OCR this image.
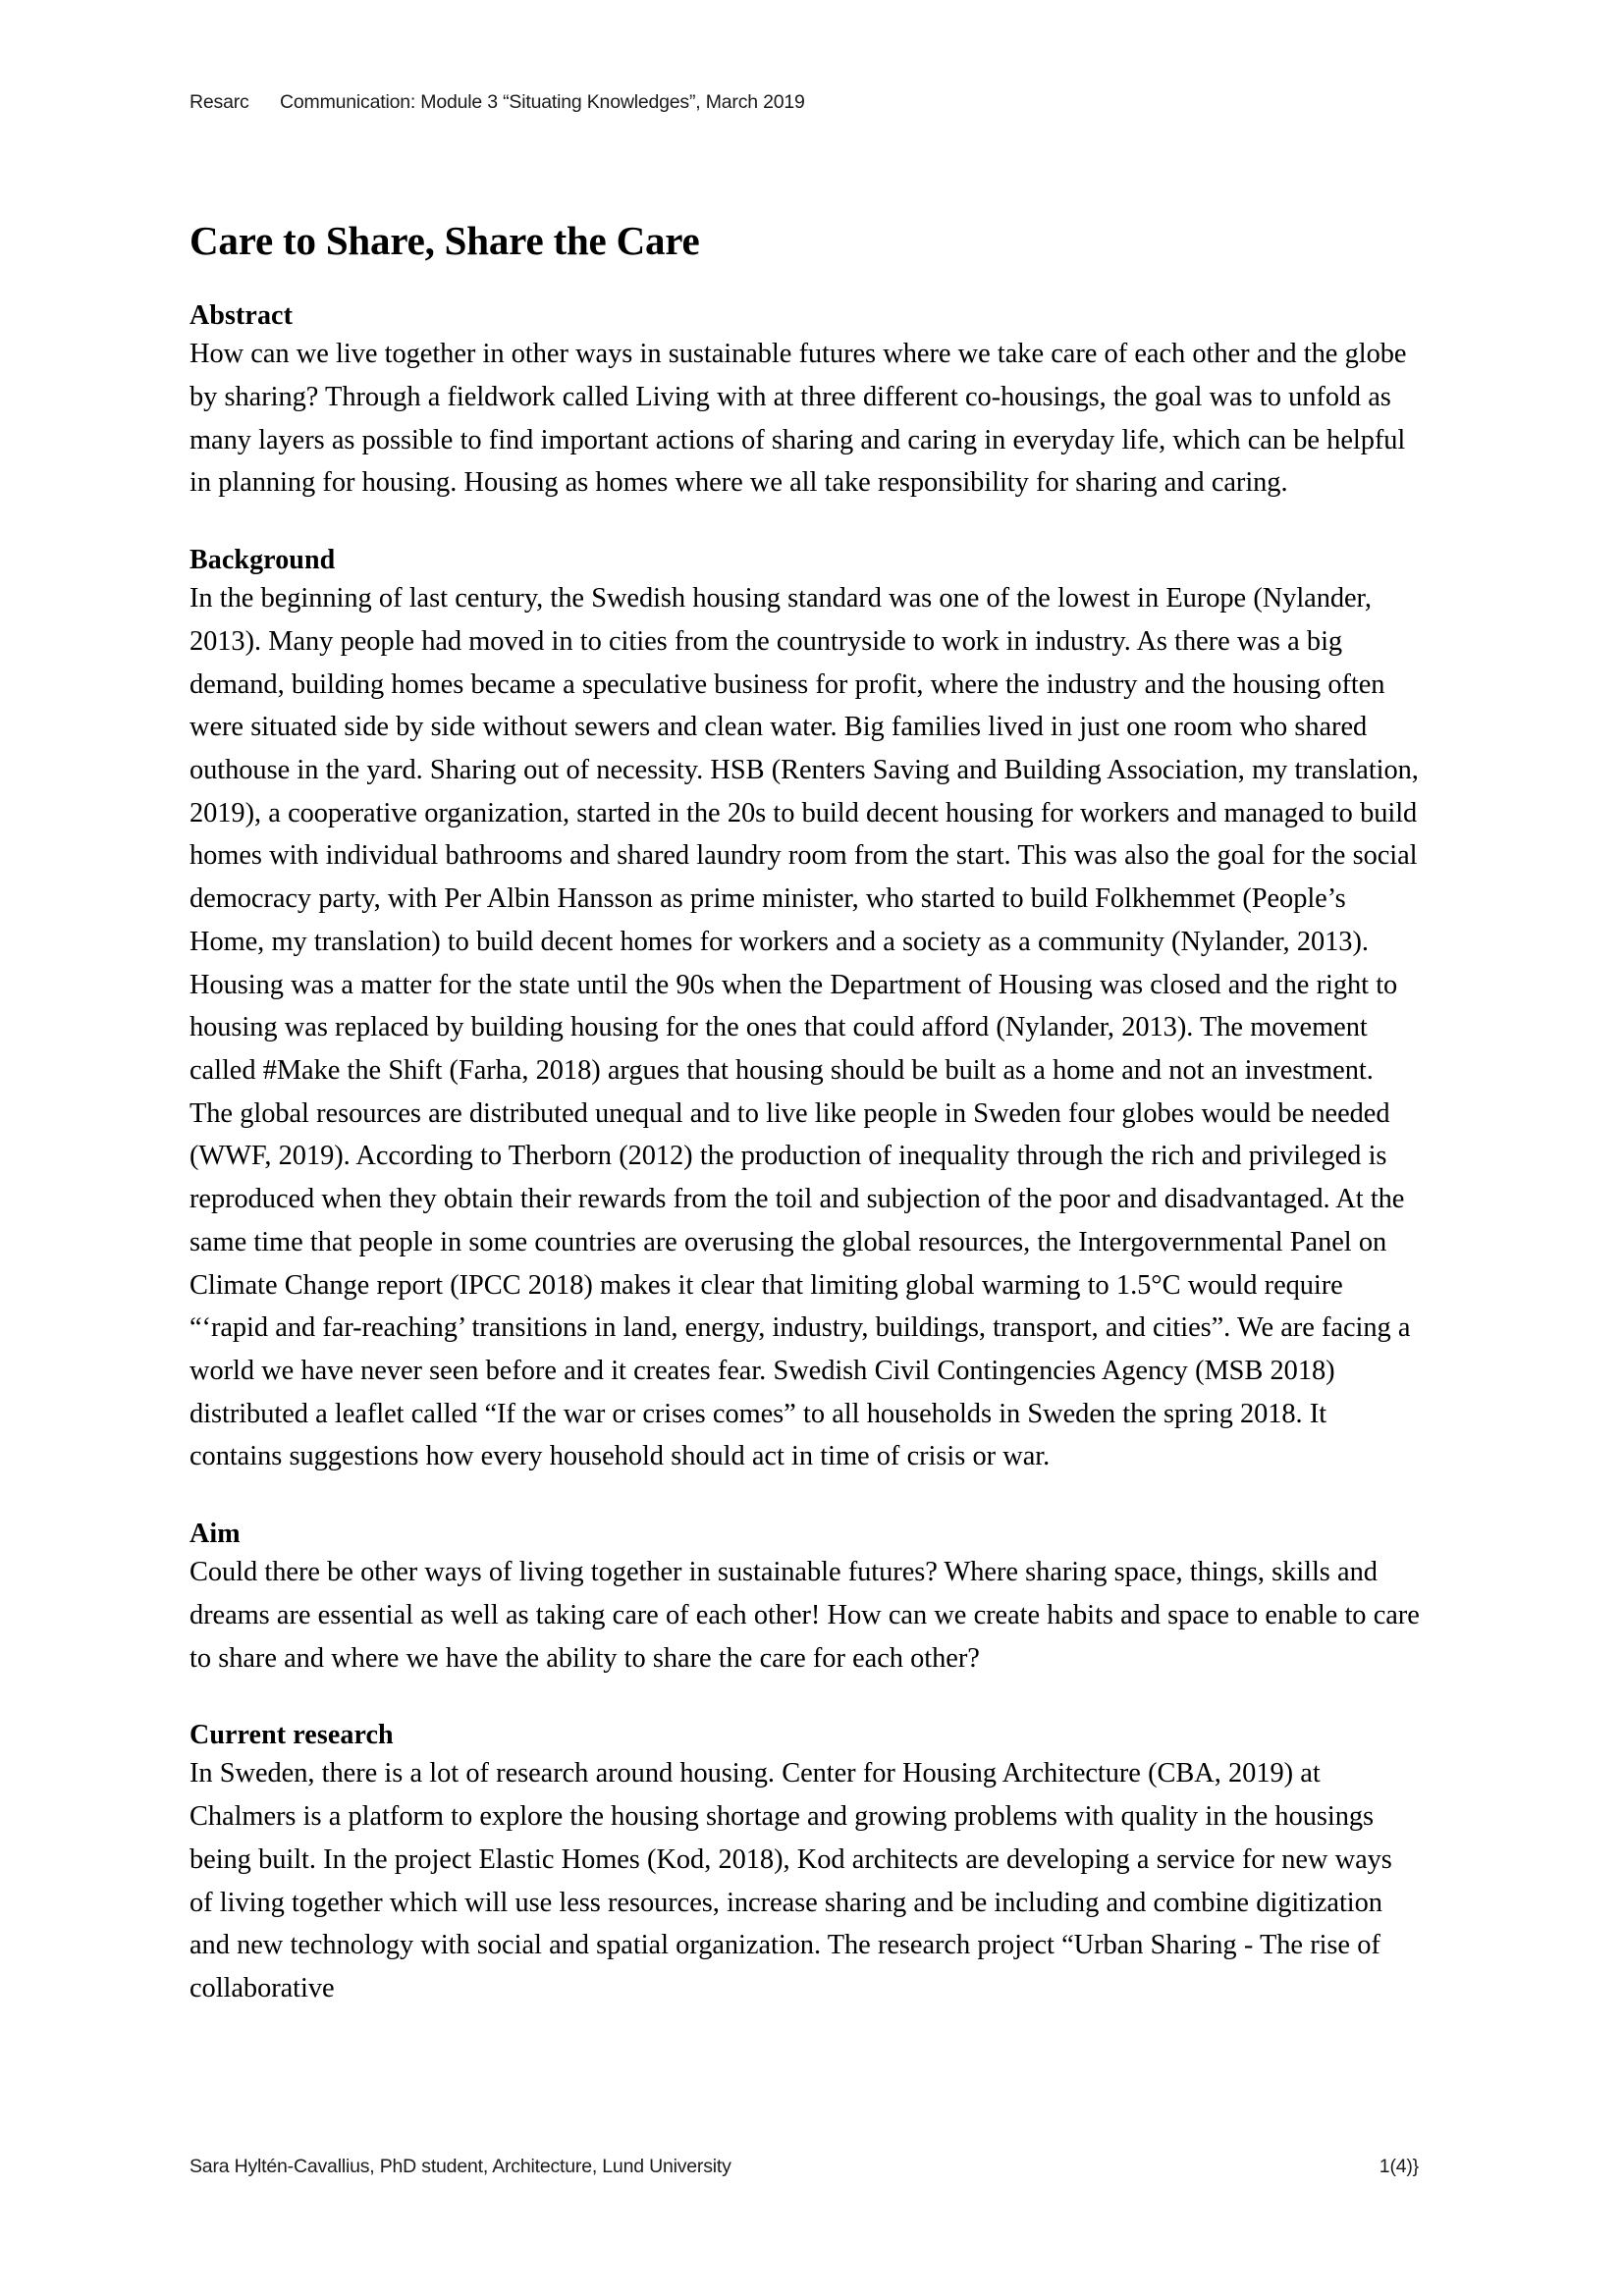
Resarc Communication: Module 3 “Situating Knowledges”, March 2019
Care to Share, Share the Care
Abstract

How can we live together in other ways in sustainable futures where we take care of each other and the globe by sharing? Through a fieldwork called Living with at three different co-housings, the goal was to unfold as many layers as possible to find important actions of sharing and caring in everyday life, which can be helpful in planning for housing. Housing as homes where we all take responsibility for sharing and caring.

Background

In the beginning of last century, the Swedish housing standard was one of the lowest in Europe (Nylander, 2013). Many people had moved in to cities from the countryside to work in industry. As there was a big demand, building homes became a speculative business for profit, where the industry and the housing often were situated side by side without sewers and clean water. Big families lived in just one room who shared outhouse in the yard. Sharing out of necessity. HSB (Renters Saving and Building Association, my translation, 2019), a cooperative organization, started in the 20s to build decent housing for workers and managed to build homes with individual bathrooms and shared laundry room from the start. This was also the goal for the social democracy party, with Per Albin Hansson as prime minister, who started to build Folkhemmet (People’s Home, my translation) to build decent homes for workers and a society as a community (Nylander, 2013). Housing was a matter for the state until the 90s when the Department of Housing was closed and the right to housing was replaced by building housing for the ones that could afford (Nylander, 2013). The movement called #Make the Shift (Farha, 2018) argues that housing should be built as a home and not an investment. The global resources are distributed unequal and to live like people in Sweden four globes would be needed (WWF, 2019). According to Therborn (2012) the production of inequality through the rich and privileged is reproduced when they obtain their rewards from the toil and subjection of the poor and disadvantaged. At the same time that people in some countries are overusing the global resources, the Intergovernmental Panel on Climate Change report (IPCC 2018) makes it clear that limiting global warming to 1.5°C would require “‘rapid and far-reaching’ transitions in land, energy, industry, buildings, transport, and cities”. We are facing a world we have never seen before and it creates fear. Swedish Civil Contingencies Agency (MSB 2018) distributed a leaflet called “If the war or crises comes” to all households in Sweden the spring 2018. It contains suggestions how every household should act in time of crisis or war.

Aim

Could there be other ways of living together in sustainable futures? Where sharing space, things, skills and dreams are essential as well as taking care of each other! How can we create habits and space to enable to care to share and where we have the ability to share the care for each other?

Current research

In Sweden, there is a lot of research around housing. Center for Housing Architecture (CBA, 2019) at Chalmers is a platform to explore the housing shortage and growing problems with quality in the housings being built. In the project Elastic Homes (Kod, 2018), Kod architects are developing a service for new ways of living together which will use less resources, increase sharing and be including and combine digitization and new technology with social and spatial organization. The research project “Urban Sharing - The rise of collaborative

Sara Hyltén-Cavallius, PhD student, Architecture, Lund University	1(4)}
